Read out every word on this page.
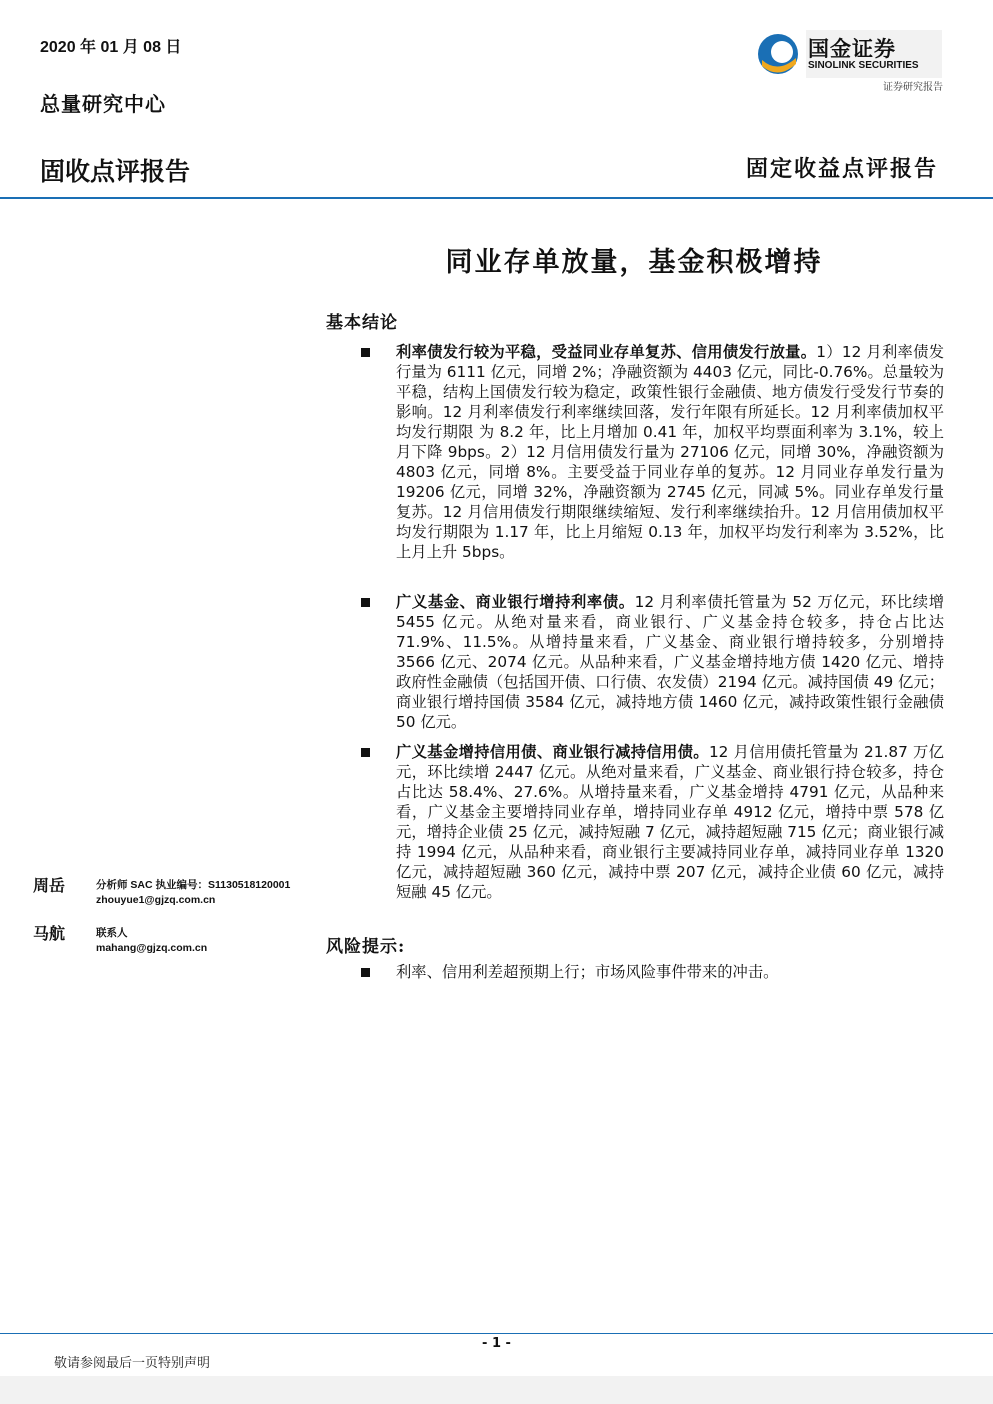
2020 年 01 月 08 日
总量研究中心
国金证券
SINOLINK SECURITIES
证券研究报告
固收点评报告	固定收益点评报告
同业存单放量，基金积极增持
基本结论
利率债发行较为平稳，受益同业存单复苏、信用债发行放量。1）12 月利率债发行量为 6111 亿元，同增 2%；净融资额为 4403 亿元，同比-0.76%。总量较为平稳，结构上国债发行较为稳定，政策性银行金融债、地方债发行受发行节奏的影响。12 月利率债发行利率继续回落，发行年限有所延长。12 月利率债加权平均发行期限 为 8.2 年，比上月增加 0.41 年，加权平均票面利率为 3.1%，较上月下降 9bps。2）12 月信用债发行量为 27106 亿元，同增 30%，净融资额为 4803 亿元，同增 8%。主要受益于同业存单的复苏。12 月同业存单发行量为 19206 亿元，同增 32%，净融资额为 2745 亿元，同减 5%。同业存单发行量复苏。12 月信用债发行期限继续缩短、发行利率继续抬升。12 月信用债加权平均发行期限为 1.17 年，比上月缩短 0.13 年，加权平均发行利率为 3.52%，比上月上升 5bps。
广义基金、商业银行增持利率债。12 月利率债托管量为 52 万亿元，环比续增 5455 亿元。从绝对量来看，商业银行、广义基金持仓较多，持仓占比达 71.9%、11.5%。从增持量来看，广义基金、商业银行增持较多，分别增持 3566 亿元、2074 亿元。从品种来看，广义基金增持地方债 1420 亿元、增持政府性金融债（包括国开债、口行债、农发债）2194 亿元。减持国债 49 亿元；商业银行增持国债 3584 亿元，减持地方债 1460 亿元，减持政策性银行金融债 50 亿元。
广义基金增持信用债、商业银行减持信用债。12 月信用债托管量为 21.87 万亿元，环比续增 2447 亿元。从绝对量来看，广义基金、商业银行持仓较多，持仓占比达 58.4%、27.6%。从增持量来看，广义基金增持 4791 亿元，从品种来看，广义基金主要增持同业存单，增持同业存单 4912 亿元，增持中票 578 亿元，增持企业债 25 亿元，减持短融 7 亿元，减持超短融 715 亿元；商业银行减持 1994 亿元，从品种来看，商业银行主要减持同业存单，减持同业存单 1320 亿元，减持超短融 360 亿元，减持中票 207 亿元，减持企业债 60 亿元，减持短融 45 亿元。
周岳	分析师 SAC 执业编号：S1130518120001
zhouyue1@gjzq.com.cn
马航	联系人
mahang@gjzq.com.cn	风险提示:
利率、信用利差超预期上行；市场风险事件带来的冲击。
- 1 -
敬请参阅最后一页特别声明
